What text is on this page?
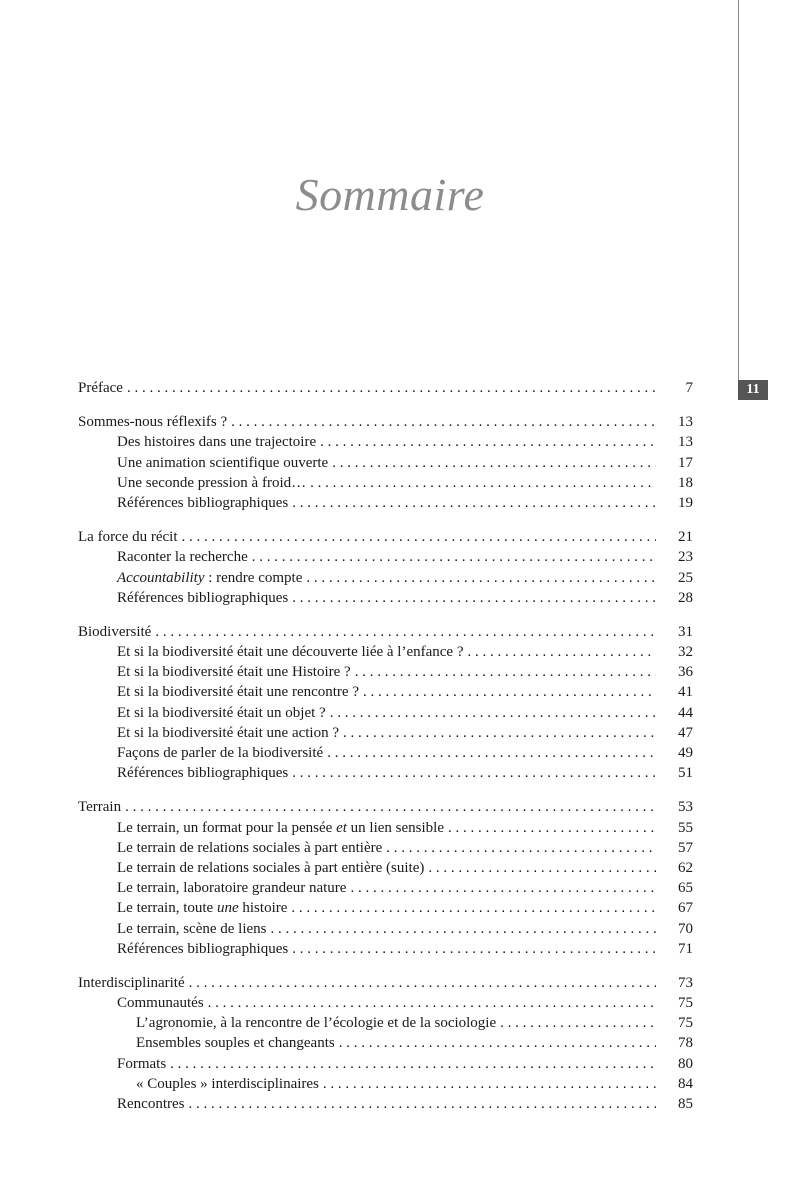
11
Sommaire
Préface . . .	7
Sommes-nous réflexifs ? . . .	13
Des histoires dans une trajectoire . . .	13
Une animation scientifique ouverte . . .	17
Une seconde pression à froid… . . .	18
Références bibliographiques . . .	19
La force du récit . . .	21
Raconter la recherche . . .	23
Accountability : rendre compte . . .	25
Références bibliographiques . . .	28
Biodiversité . . .	31
Et si la biodiversité était une découverte liée à l’enfance ? . . .	32
Et si la biodiversité était une Histoire ? . . .	36
Et si la biodiversité était une rencontre ? . . .	41
Et si la biodiversité était un objet ? . . .	44
Et si la biodiversité était une action ? . . .	47
Façons de parler de la biodiversité . . .	49
Références bibliographiques . . .	51
Terrain . . .	53
Le terrain, un format pour la pensée et un lien sensible . . .	55
Le terrain de relations sociales à part entière . . .	57
Le terrain de relations sociales à part entière (suite) . . .	62
Le terrain, laboratoire grandeur nature . . .	65
Le terrain, toute une histoire . . .	67
Le terrain, scène de liens . . .	70
Références bibliographiques . . .	71
Interdisciplinarité . . .	73
Communautés . . .	75
L’agronomie, à la rencontre de l’écologie et de la sociologie . . .	75
Ensembles souples et changeants . . .	78
Formats . . .	80
« Couples » interdisciplinaires . . .	84
Rencontres . . .	85
